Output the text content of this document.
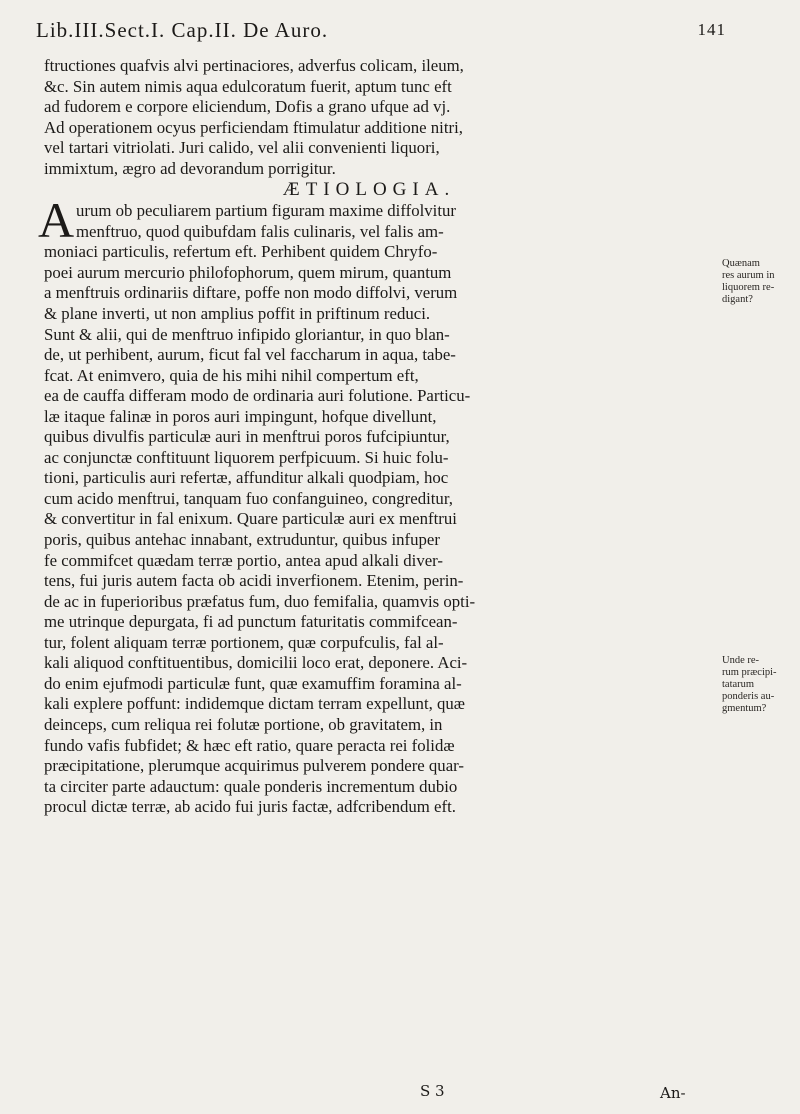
Lib.III.Sect.I. Cap.II. De Auro.	141
ftructiones quafvis alvi pertinaciores, adverfus colicam, ileum,
&c. Sin autem nimis aqua edulcoratum fuerit, aptum tunc eft
ad fudorem e corpore eliciendum, Dofis a grano ufque ad vj.
Ad operationem ocyus perficiendam ftimulatur additione nitri,
vel tartari vitriolati. Juri calido, vel alii convenienti liquori,
immixtum, ægro ad devorandum porrigitur.
ÆTIOLOGIA.
A urum ob peculiarem partium figuram maxime diffolvitur
menftruo, quod quibufdam falis culinaris, vel falis am-
moniaci particulis, refertum eft. Perhibent quidem Chryfo-
poei aurum mercurio philofophorum, quem mirum, quantum
a menftruis ordinariis diftare, poffe non modo diffolvi, verum
& plane inverti, ut non amplius poffit in priftinum reduci.
Sunt & alii, qui de menftruo infipido gloriantur, in quo blan-
de, ut perhibent, aurum, ficut fal vel faccharum in aqua, tabe-
fcat. At enimvero, quia de his mihi nihil compertum eft,
ea de cauffa differam modo de ordinaria auri folutione. Particu-
læ itaque falinæ in poros auri impingunt, hofque divellunt,
quibus divulfis particulæ auri in menftrui poros fufcipiuntur,
ac conjunctæ conftituunt liquorem perfpicuum. Si huic folu-
tioni, particulis auri refertæ, affunditur alkali quodpiam, hoc
cum acido menftrui, tanquam fuo confanguineo, congreditur,
& convertitur in fal enixum. Quare particulæ auri ex menftrui
poris, quibus antehac innabant, extruduntur, quibus infuper
fe commifcet quædam terræ portio, antea apud alkali diver-
tens, fui juris autem facta ob acidi inverfionem. Etenim, perin-
de ac in fuperioribus præfatus fum, duo femifalia, quamvis opti-
me utrinque depurgata, fi ad punctum faturitatis commifcean-
tur, folent aliquam terræ portionem, quæ corpufculis, fal al-
kali aliquod conftituentibus, domicilii loco erat, deponere. Aci-
do enim ejufmodi particulæ funt, quæ examuffim foramina al-
kali explere poffunt: indidemque dictam terram expellunt, quæ
deinceps, cum reliqua rei folutæ portione, ob gravitatem, in
fundo vafis fubfidet; & hæc eft ratio, quare peracta rei folidæ
præcipitatione, plerumque acquirimus pulverem pondere quar-
ta circiter parte adauctum: quale ponderis incrementum dubio
procul dictæ terræ, ab acido fui juris factæ, adfcribendum eft.
Quænam
res aurum in
liquorem re-
digant?
Unde re-
rum præcipi-
tatarum
ponderis au-
gmentum?
S 3	An-
